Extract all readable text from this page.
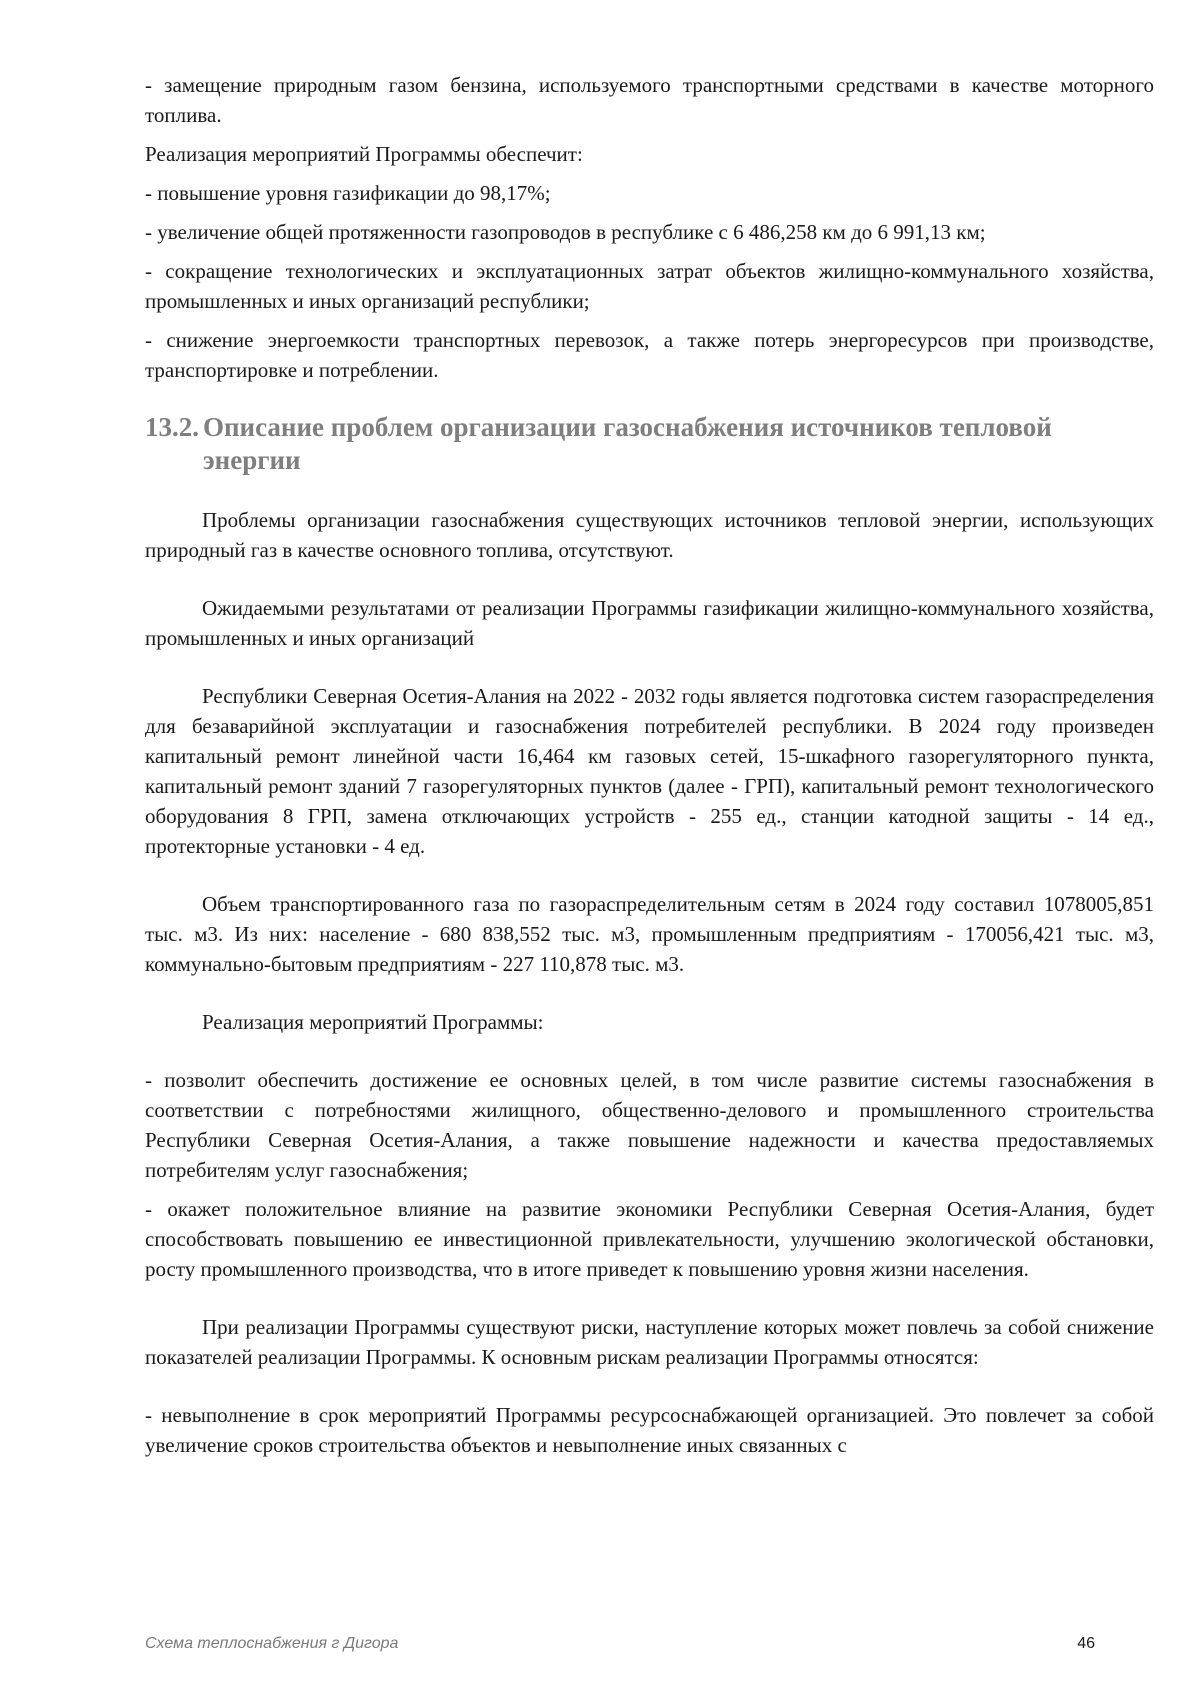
- замещение природным газом бензина, используемого транспортными средствами в качестве моторного топлива.

Реализация мероприятий Программы обеспечит:

- повышение уровня газификации до 98,17%;

- увеличение общей протяженности газопроводов в республике с 6 486,258 км до 6 991,13 км;

- сокращение технологических и эксплуатационных затрат объектов жилищно-коммунального хозяйства, промышленных и иных организаций республики;

- снижение энергоемкости транспортных перевозок, а также потерь энергоресурсов при производстве, транспортировке и потреблении.

13.2. Описание проблем организации газоснабжения источников тепловой энергии

Проблемы организации газоснабжения существующих источников тепловой энергии, использующих природный газ в качестве основного топлива, отсутствуют.

Ожидаемыми результатами от реализации Программы газификации жилищно-коммунального хозяйства, промышленных и иных организаций

Республики Северная Осетия-Алания на 2022 - 2032 годы является подготовка систем газораспределения для безаварийной эксплуатации и газоснабжения потребителей республики. В 2024 году произведен капитальный ремонт линейной части 16,464 км газовых сетей, 15-шкафного газорегуляторного пункта, капитальный ремонт зданий 7 газорегуляторных пунктов (далее - ГРП), капитальный ремонт технологического оборудования 8 ГРП, замена отключающих устройств - 255 ед., станции катодной защиты - 14 ед., протекторные установки - 4 ед.

Объем транспортированного газа по газораспределительным сетям в 2024 году составил 1078005,851 тыс. м3. Из них: население - 680 838,552 тыс. м3, промышленным предприятиям - 170056,421 тыс. м3, коммунально-бытовым предприятиям - 227 110,878 тыс. м3.

Реализация мероприятий Программы:

- позволит обеспечить достижение ее основных целей, в том числе развитие системы газоснабжения в соответствии с потребностями жилищного, общественно-делового и промышленного строительства Республики Северная Осетия-Алания, а также повышение надежности и качества предоставляемых потребителям услуг газоснабжения;

- окажет положительное влияние на развитие экономики Республики Северная Осетия-Алания, будет способствовать повышению ее инвестиционной привлекательности, улучшению экологической обстановки, росту промышленного производства, что в итоге приведет к повышению уровня жизни населения.

При реализации Программы существуют риски, наступление которых может повлечь за собой снижение показателей реализации Программы. К основным рискам реализации Программы относятся:

- невыполнение в срок мероприятий Программы ресурсоснабжающей организацией. Это повлечет за собой увеличение сроков строительства объектов и невыполнение иных связанных с

Схема теплоснабжения г Дигора	46
